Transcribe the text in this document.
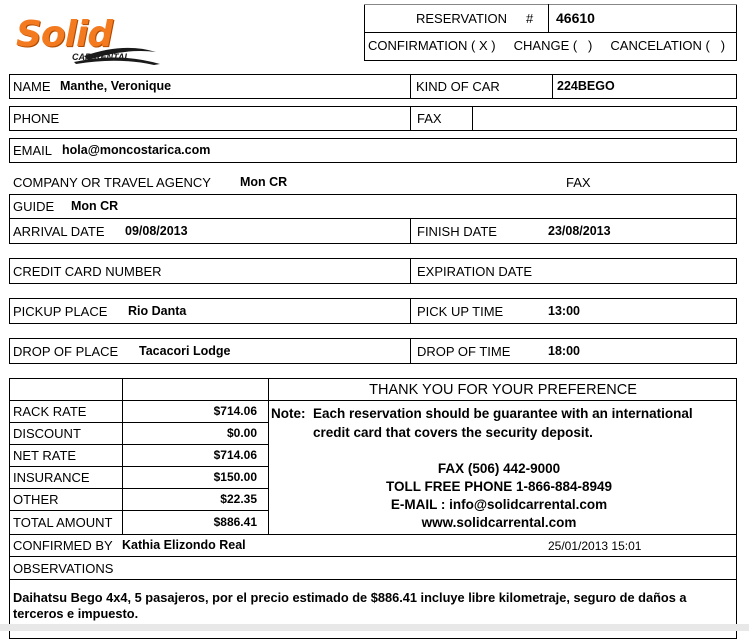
Solid
CAR RENTAL
RESERVATION # 46610
CONFIRMATION ( X )     CHANGE (   )     CANCELATION (   )
NAME Manthe, Veronique	KIND OF CAR	224BEGO
PHONE	FAX
EMAIL hola@moncostarica.com
COMPANY OR TRAVEL AGENCY Mon CR	FAX
GUIDE Mon CR
ARRIVAL DATE 09/08/2013	FINISH DATE	23/08/2013
CREDIT CARD NUMBER	EXPIRATION DATE
PICKUP PLACE Rio Danta	PICK UP TIME	13:00
DROP OF PLACE Tacacori Lodge	DROP OF TIME	18:00
RACK RATE	$714.06
DISCOUNT	$0.00
NET RATE	$714.06
INSURANCE	$150.00
OTHER	$22.35
TOTAL AMOUNT	$886.41
THANK YOU FOR YOUR PREFERENCE
Note: Each reservation should be guarantee with an international
credit card that covers the security deposit.
FAX (506) 442-9000
TOLL FREE PHONE 1-866-884-8949
E-MAIL : info@solidcarrental.com
www.solidcarrental.com
CONFIRMED BY Kathia Elizondo Real	25/01/2013 15:01
OBSERVATIONS
Daihatsu Bego 4x4, 5 pasajeros, por el precio estimado de $886.41 incluye libre kilometraje, seguro de daños a terceros e impuesto.
